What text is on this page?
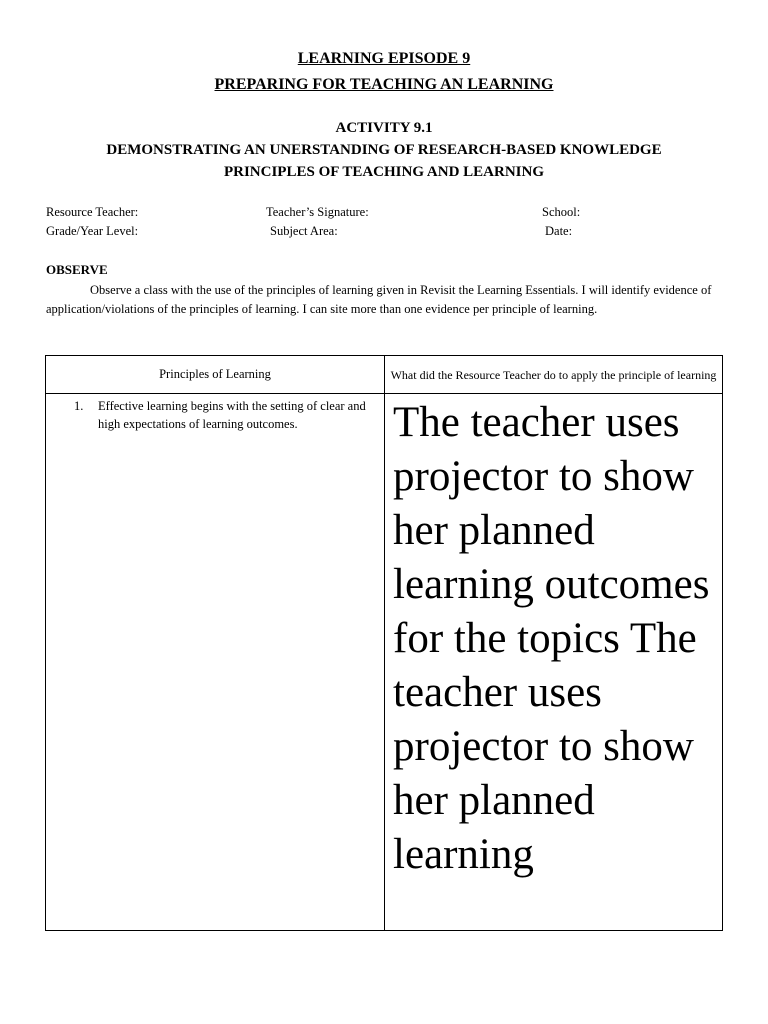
LEARNING EPISODE 9
PREPARING FOR TEACHING AN LEARNING
ACTIVITY 9.1
DEMONSTRATING AN UNERSTANDING OF RESEARCH-BASED KNOWLEDGE
PRINCIPLES OF TEACHING AND LEARNING
Resource Teacher:	Teacher’s Signature:	School:
Grade/Year Level:	Subject Area:	Date:
OBSERVE
Observe a class with the use of the principles of learning given in Revisit the Learning Essentials. I will identify evidence of application/violations of the principles of learning. I can site more than one evidence per principle of learning.
Principles of Learning	What did the Resource Teacher do to apply the principle of learning

1. Effective learning begins with the setting of clear and high expectations of learning outcomes.	The teacher uses projector to show her planned learning outcomes for the topics The teacher uses projector to show her planned learning
